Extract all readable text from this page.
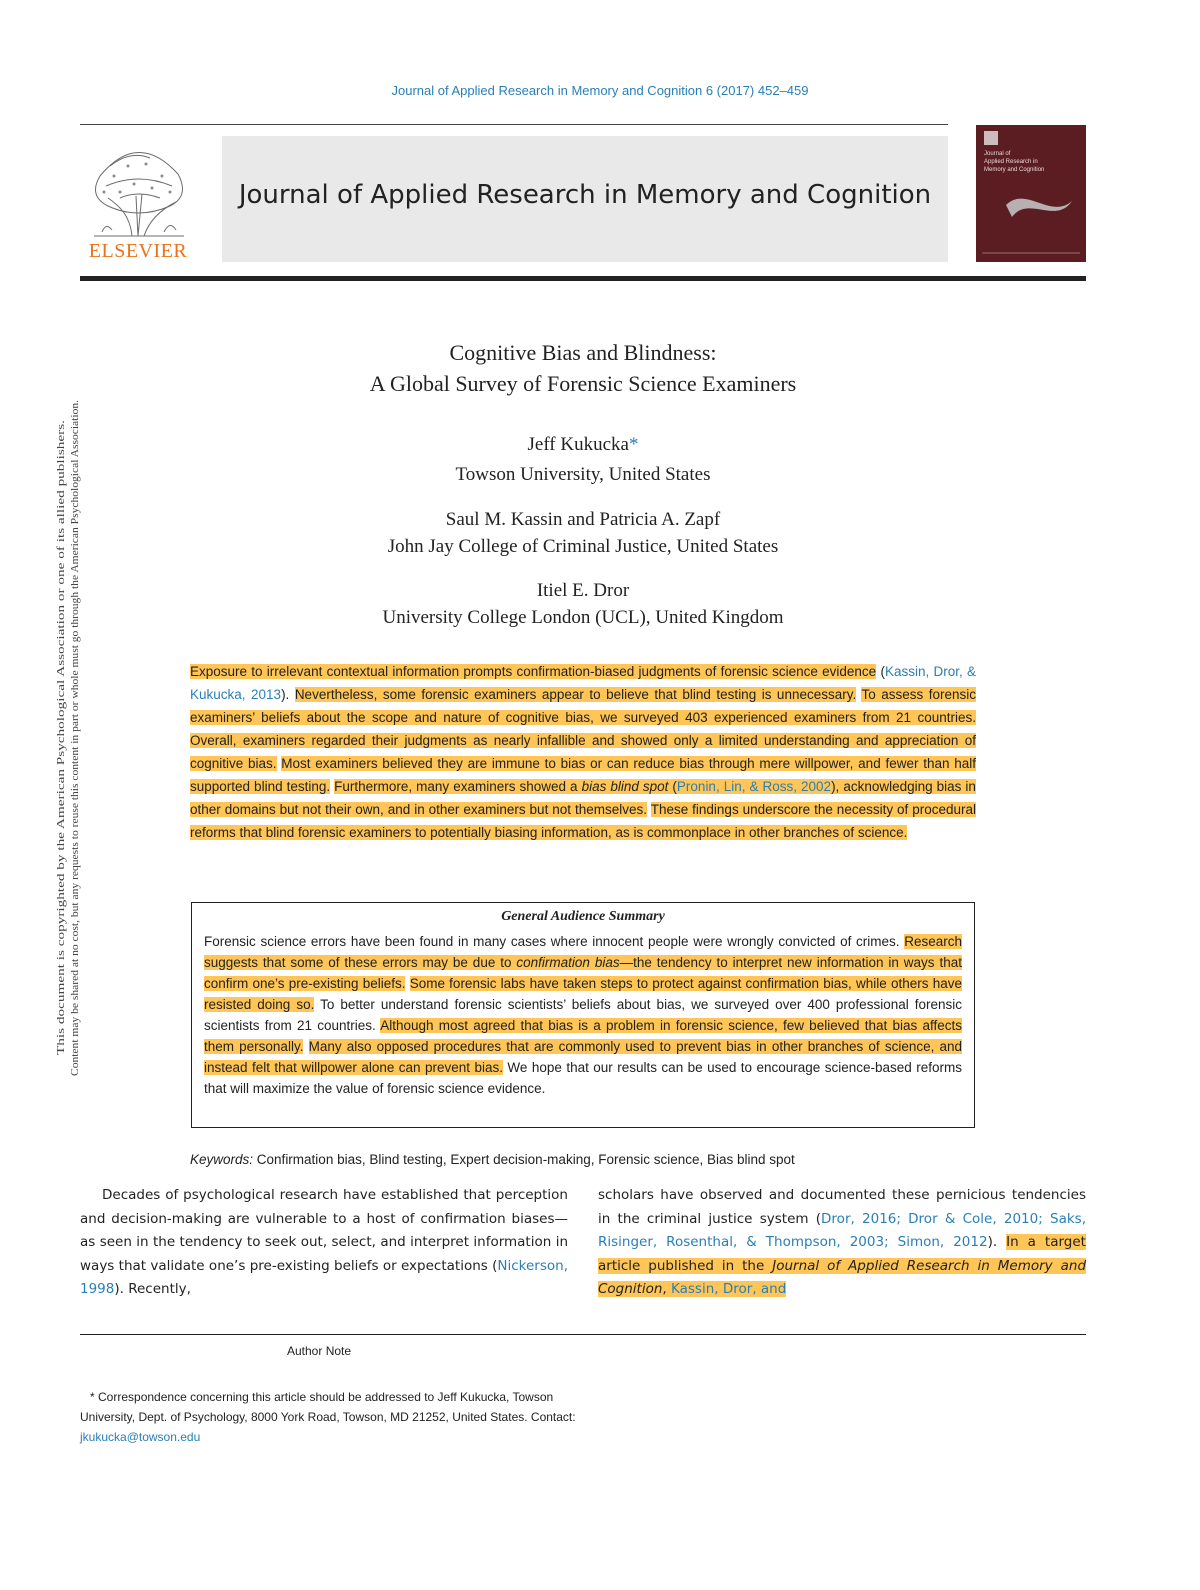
Journal of Applied Research in Memory and Cognition 6 (2017) 452–459
ELSEVIER
Journal of Applied Research in Memory and Cognition
Journal of Applied Research in Memory and Cognition
Content may be shared at no cost, but any requests to reuse this content in part or whole must go through the American Psychological Association.
This document is copyrighted by the American Psychological Association or one of its allied publishers.
Cognitive Bias and Blindness:
A Global Survey of Forensic Science Examiners
Jeff Kukucka*
Towson University, United States
Saul M. Kassin and Patricia A. Zapf
John Jay College of Criminal Justice, United States
Itiel E. Dror
University College London (UCL), United Kingdom
Exposure to irrelevant contextual information prompts confirmation-biased judgments of forensic science evidence (Kassin, Dror, & Kukucka, 2013). Nevertheless, some forensic examiners appear to believe that blind testing is unnecessary. To assess forensic examiners’ beliefs about the scope and nature of cognitive bias, we surveyed 403 experienced examiners from 21 countries. Overall, examiners regarded their judgments as nearly infallible and showed only a limited understanding and appreciation of cognitive bias. Most examiners believed they are immune to bias or can reduce bias through mere willpower, and fewer than half supported blind testing. Furthermore, many examiners showed a bias blind spot (Pronin, Lin, & Ross, 2002), acknowledging bias in other domains but not their own, and in other examiners but not themselves. These findings underscore the necessity of procedural reforms that blind forensic examiners to potentially biasing information, as is commonplace in other branches of science.
General Audience Summary
Forensic science errors have been found in many cases where innocent people were wrongly convicted of crimes. Research suggests that some of these errors may be due to confirmation bias—the tendency to interpret new information in ways that confirm one’s pre-existing beliefs. Some forensic labs have taken steps to protect against confirmation bias, while others have resisted doing so. To better understand forensic scientists’ beliefs about bias, we surveyed over 400 professional forensic scientists from 21 countries. Although most agreed that bias is a problem in forensic science, few believed that bias affects them personally. Many also opposed procedures that are commonly used to prevent bias in other branches of science, and instead felt that willpower alone can prevent bias. We hope that our results can be used to encourage science-based reforms that will maximize the value of forensic science evidence.
Keywords: Confirmation bias, Blind testing, Expert decision-making, Forensic science, Bias blind spot
Decades of psychological research have established that perception and decision-making are vulnerable to a host of confirmation biases—as seen in the tendency to seek out, select, and interpret information in ways that validate one’s pre-existing beliefs or expectations (Nickerson, 1998). Recently,
scholars have observed and documented these pernicious tendencies in the criminal justice system (Dror, 2016; Dror & Cole, 2010; Saks, Risinger, Rosenthal, & Thompson, 2003; Simon, 2012). In a target article published in the Journal of Applied Research in Memory and Cognition, Kassin, Dror, and
Author Note
* Correspondence concerning this article should be addressed to Jeff Kukucka, Towson University, Dept. of Psychology, 8000 York Road, Towson, MD 21252, United States. Contact: jkukucka@towson.edu
